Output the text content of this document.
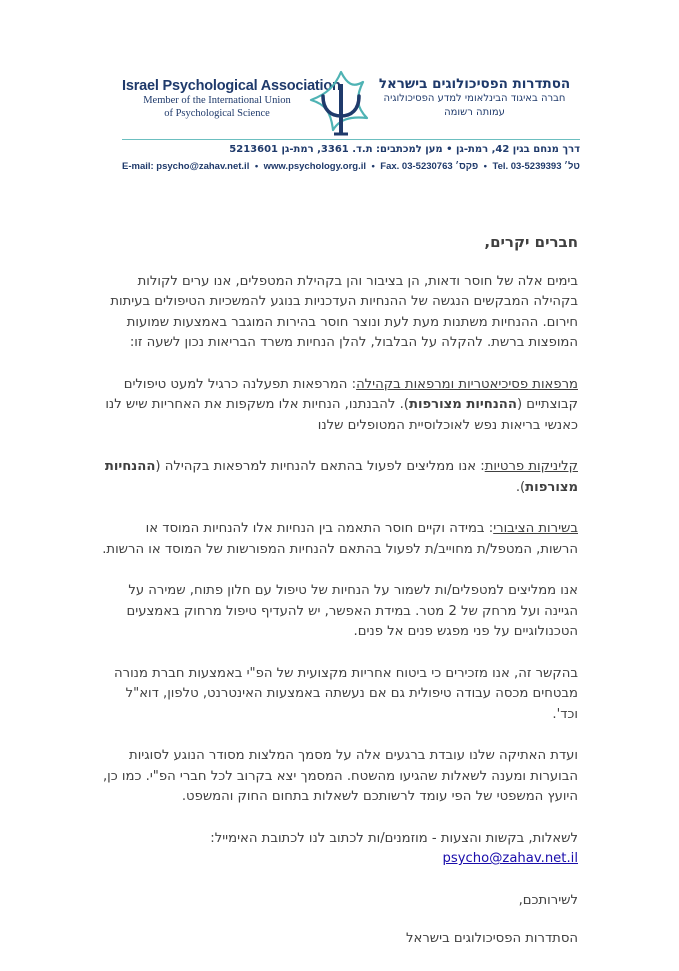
Israel Psychological Association
Member of the International Union
of Psychological Science
הסתדרות הפסיכולוגים בישראל
חברה באיגוד הבינלאומי למדע הפסיכולוגיה
עמותה רשומה
דרך מנחם בגין 42, רמת-גן • מען למכתבים: ת.ד. 3361, רמת-גן 5213601
E-mail: psycho@zahav.net.il • www.psychology.org.il • Fax. 03-5230763 פקס׳ • Tel. 03-5239393 טל׳

חברים יקרים,

בימים אלה של חוסר ודאות, הן בציבור והן בקהילת המטפלים, אנו ערים לקולות בקהילה המבקשים הנגשה של ההנחיות העדכניות בנוגע להמשכיות הטיפולים בעיתות חירום. ההנחיות משתנות מעת לעת ונוצר חוסר בהירות המוגבר באמצעות שמועות המופצות ברשת. להקלה על הבלבול, להלן הנחיות משרד הבריאות נכון לשעה זו:

מרפאות פסיכיאטריות ומרפאות בקהילה: המרפאות תפעלנה כרגיל למעט טיפולים קבוצתיים (ההנחיות מצורפות). להבנתנו, הנחיות אלו משקפות את האחריות שיש לנו כאנשי בריאות נפש לאוכלוסיית המטופלים שלנו

קליניקות פרטיות: אנו ממליצים לפעול בהתאם להנחיות למרפאות בקהילה (ההנחיות מצורפות).

בשירות הציבורי: במידה וקיים חוסר התאמה בין הנחיות אלו להנחיות המוסד או הרשות, המטפל/ת מחוייב/ת לפעול בהתאם להנחיות המפורשות של המוסד או הרשות.

אנו ממליצים למטפלים/ות לשמור על הנחיות של טיפול עם חלון פתוח, שמירה על הגיינה ועל מרחק של 2 מטר. במידת האפשר, יש להעדיף טיפול מרחוק באמצעים הטכנולוגיים על פני מפגש פנים אל פנים.

בהקשר זה, אנו מזכירים כי ביטוח אחריות מקצועית של הפ"י באמצעות חברת מנורה מבטחים מכסה עבודה טיפולית גם אם נעשתה באמצעות האינטרנט, טלפון, דוא"ל וכד'.

ועדת האתיקה שלנו עובדת ברגעים אלה על מסמך המלצות מסודר הנוגע לסוגיות הבוערות ומענה לשאלות שהגיעו מהשטח. המסמך יצא בקרוב לכל חברי הפ"י. כמו כן, היועץ המשפטי של הפי עומד לרשותכם לשאלות בתחום החוק והמשפט.

לשאלות, בקשות והצעות - מוזמנים/ות לכתוב לנו לכתובת האימייל:
psycho@zahav.net.il

לשירותכם,

הסתדרות הפסיכולוגים בישראל
